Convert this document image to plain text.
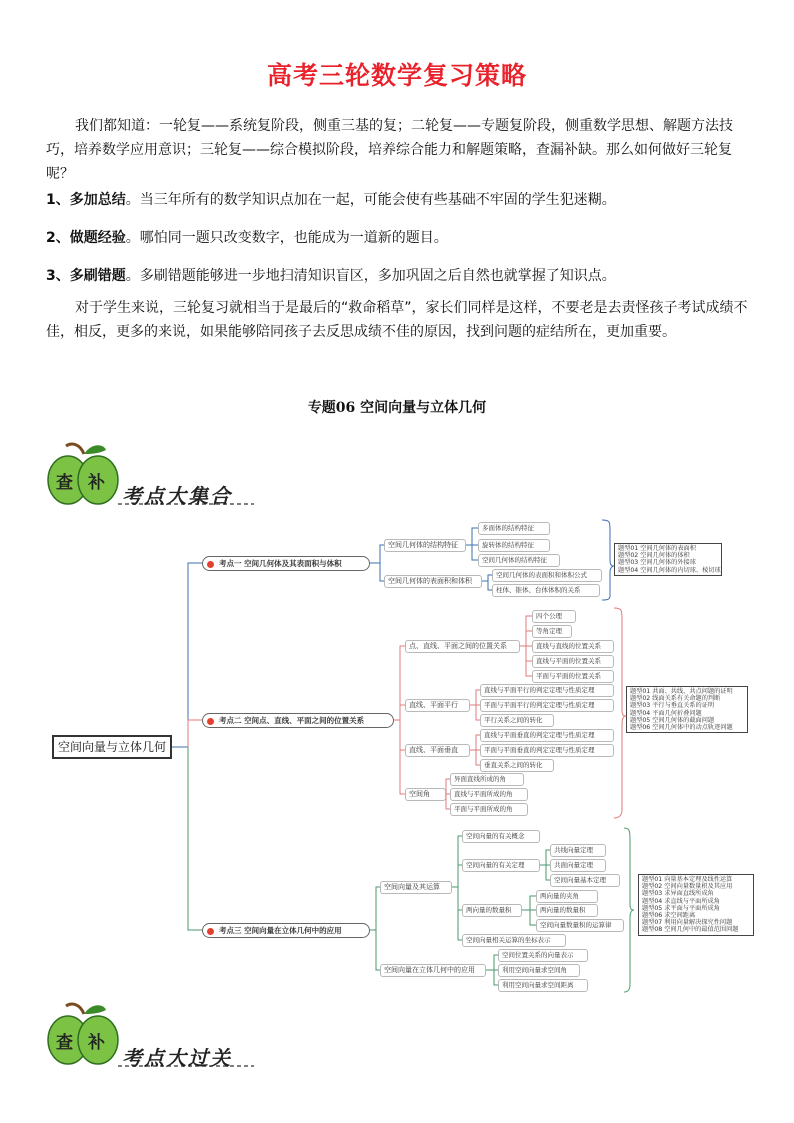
高考三轮数学复习策略
我们都知道：一轮复——系统复阶段，侧重三基的复；二轮复——专题复阶段，侧重数学思想、解题方法技巧，培养数学应用意识；三轮复——综合模拟阶段，培养综合能力和解题策略，查漏补缺。那么如何做好三轮复呢？
1、多加总结。当三年所有的数学知识点加在一起，可能会使有些基础不牢固的学生犯迷糊。
2、做题经验。哪怕同一题只改变数字，也能成为一道新的题目。
3、多刷错题。多刷错题能够进一步地扫清知识盲区，多加巩固之后自然也就掌握了知识点。
对于学生来说，三轮复习就相当于是最后的“救命稻草”，家长们同样是这样，不要老是去责怪孩子考试成绩不佳，相反，更多的来说，如果能够陪同孩子去反思成绩不佳的原因，找到问题的症结所在，更加重要。
专题06 空间向量与立体几何
查 补
考点大集合
空间向量与立体几何
考点一 空间几何体及其表面积与体积
空间几何体的结构特征
空间几何体的表面积和体积
多面体的结构特征
旋转体的结构特征
空间几何体的结构特征
空间几何体的表面积和体积公式
柱体、锥体、台体体积的关系
题型01 空间几何体的表面积
题型02 空间几何体的体积
题型03 空间几何体的外接球
题型04 空间几何体的内切球、棱切球
考点二 空间点、直线、平面之间的位置关系
点、直线、平面之间的位置关系
直线、平面平行
直线、平面垂直
空间角
四个公理
等角定理
直线与直线的位置关系
直线与平面的位置关系
平面与平面的位置关系
直线与平面平行的判定定理与性质定理
平面与平面平行的判定定理与性质定理
平行关系之间的转化
直线与平面垂直的判定定理与性质定理
平面与平面垂直的判定定理与性质定理
垂直关系之间的转化
异面直线所成的角
直线与平面所成的角
平面与平面所成的角
题型01 共面、共线、共点问题的证明
题型02 线面关系有关命题的判断
题型03 平行与垂直关系的证明
题型04 平面几何折叠问题
题型05 空间几何体的截面问题
题型06 空间几何体中的动点轨迹问题
考点三 空间向量在立体几何中的应用
空间向量及其运算
空间向量在立体几何中的应用
空间向量的有关概念
空间向量的有关定理
两向量的数量积
空间向量相关运算的坐标表示
共线向量定理
共面向量定理
空间向量基本定理
两向量的夹角
两向量的数量积
空间向量数量积的运算律
空间位置关系的向量表示
利用空间向量求空间角
利用空间向量求空间距离
题型01 向量基本定理及线性运算
题型02 空间向量数量积及其应用
题型03 求异面直线所成角
题型04 求直线与平面所成角
题型05 求平面与平面所成角
题型06 求空间距离
题型07 利用向量解决探究性问题
题型08 空间几何中的最值范围问题
查 补
考点大过关
